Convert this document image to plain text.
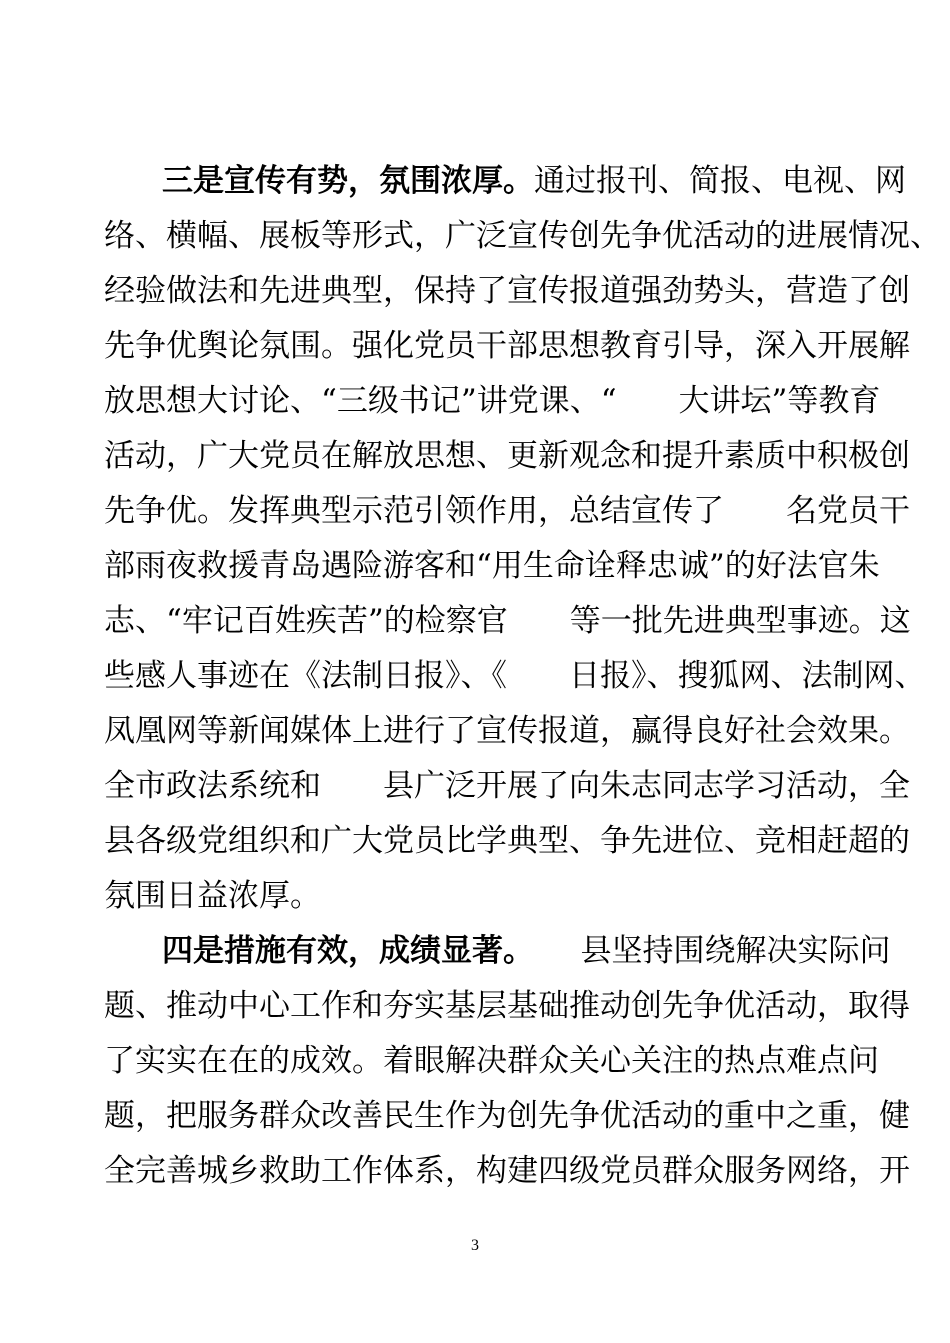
三是宣传有势，氛围浓厚。通过报刊、简报、电视、网
络、横幅、展板等形式，广泛宣传创先争优活动的进展情况、
经验做法和先进典型，保持了宣传报道强劲势头，营造了创
先争优舆论氛围。强化党员干部思想教育引导，深入开展解
放思想大讨论、“三级书记”讲党课、“　　大讲坛”等教育
活动，广大党员在解放思想、更新观念和提升素质中积极创
先争优。发挥典型示范引领作用，总结宣传了　　名党员干
部雨夜救援青岛遇险游客和“用生命诠释忠诚”的好法官朱
志、“牢记百姓疾苦”的检察官　　等一批先进典型事迹。这
些感人事迹在《法制日报》、《　　日报》、搜狐网、法制网、
凤凰网等新闻媒体上进行了宣传报道，赢得良好社会效果。
全市政法系统和　　县广泛开展了向朱志同志学习活动，全
县各级党组织和广大党员比学典型、争先进位、竞相赶超的
氛围日益浓厚。
四是措施有效，成绩显著。　　县坚持围绕解决实际问
题、推动中心工作和夯实基层基础推动创先争优活动，取得
了实实在在的成效。着眼解决群众关心关注的热点难点问
题，把服务群众改善民生作为创先争优活动的重中之重，健
全完善城乡救助工作体系，构建四级党员群众服务网络，开
3
